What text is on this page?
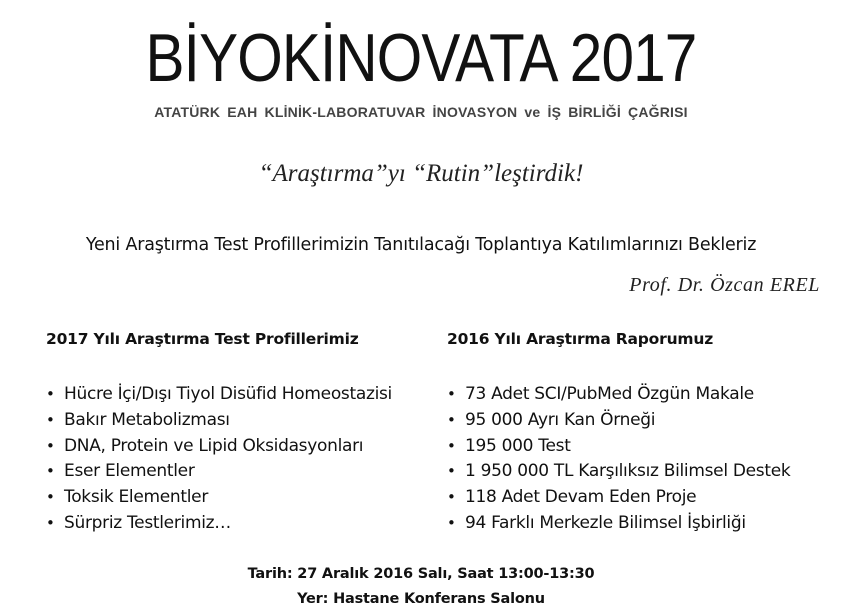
BİYOKİNOVATA 2017
ATATÜRK EAH KLİNİK-LABORATUVAR İNOVASYON ve İŞ BİRLİĞİ ÇAĞRISI
“Araştırma”yı “Rutin”leştirdik!
Yeni Araştırma Test Profillerimizin Tanıtılacağı Toplantıya Katılımlarınızı Bekleriz
Prof. Dr. Özcan EREL
2017 Yılı Araştırma Test Profillerimiz
• Hücre İçi/Dışı Tiyol Disüfid Homeostazisi
• Bakır Metabolizması
• DNA, Protein ve Lipid Oksidasyonları
• Eser Elementler
• Toksik Elementler
• Sürpriz Testlerimiz…
2016 Yılı Araştırma Raporumuz
• 73 Adet SCI/PubMed Özgün Makale
• 95 000 Ayrı Kan Örneği
• 195 000 Test
• 1 950 000 TL Karşılıksız Bilimsel Destek
• 118 Adet Devam Eden Proje
• 94 Farklı Merkezle Bilimsel İşbirliği
Tarih: 27 Aralık 2016 Salı, Saat 13:00-13:30
Yer: Hastane Konferans Salonu
